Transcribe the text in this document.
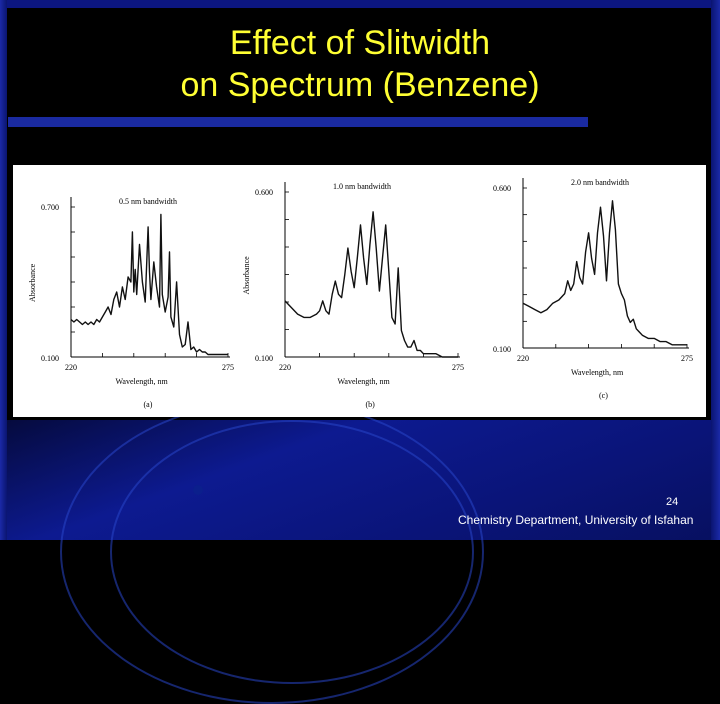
Effect of Slitwidth
on Spectrum (Benzene)
0.100
0.700
220	275
0.5 nm bandwidth
Wavelength, nm
Absorbance
(a)
0.100
0.600
220	275
1.0 nm bandwidth
Wavelength, nm
Absorbance
(b)
0.100
0.600
220	275
2.0 nm bandwidth
Wavelength, nm
(c)
24
Chemistry Department, University of Isfahan
